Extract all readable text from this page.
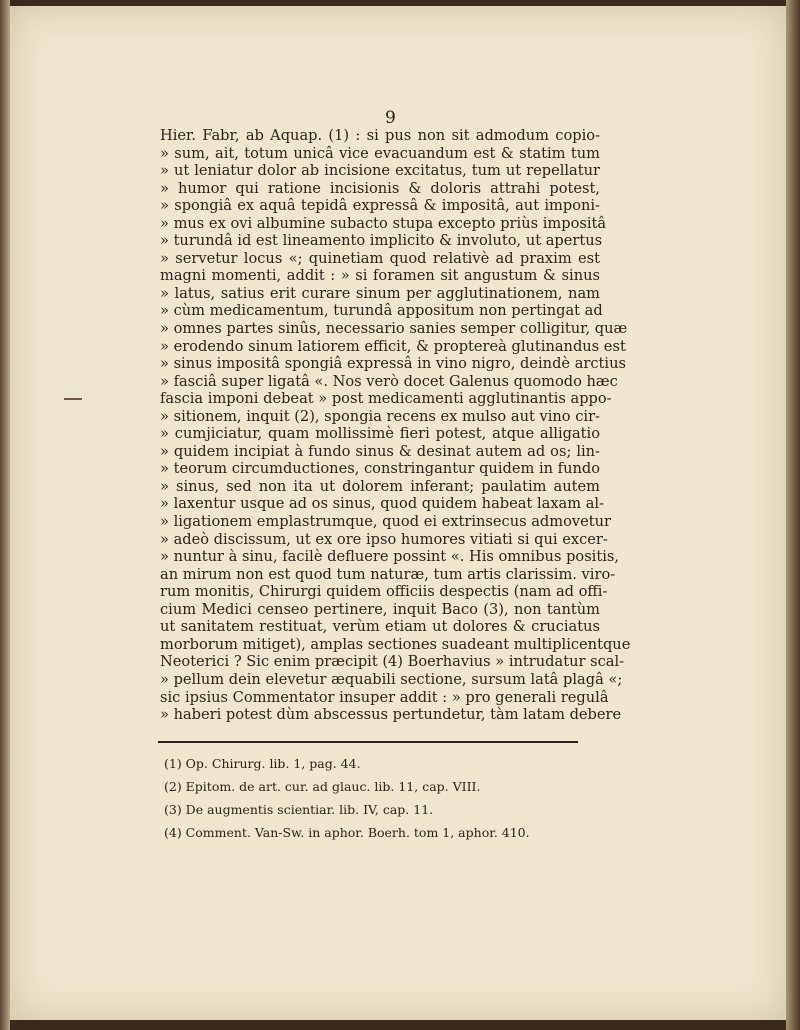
9
Hier. Fabr, ab Aquap. (1) : si pus non sit admodum copio-
» sum, ait, totum unicâ vice evacuandum est & statim tum
» ut leniatur dolor ab incisione excitatus, tum ut repellatur
» humor qui ratione incisionis & doloris attrahi potest,
» spongiâ ex aquâ tepidâ expressâ & impositâ, aut imponi-
» mus ex ovi albumine subacto stupa excepto priùs impositâ
» turundâ id est lineamento implicito & involuto, ut apertus
» servetur locus «; quinetiam quod relativè ad praxim est
magni momenti, addit : » si foramen sit angustum & sinus
» latus, satius erit curare sinum per agglutinationem, nam
» cùm medicamentum, turundâ appositum non pertingat ad
» omnes partes sinûs, necessario sanies semper colligitur, quæ
» erodendo sinum latiorem efficit, & proptereà glutinandus est
» sinus impositâ spongiâ expressâ in vino nigro, deindè arctius
» fasciâ super ligatâ «. Nos verò docet Galenus quomodo hæc
fascia imponi debeat » post medicamenti agglutinantis appo-
» sitionem, inquit (2), spongia recens ex mulso aut vino cir-
» cumjiciatur, quam mollissimè fieri potest, atque alligatio
» quidem incipiat à fundo sinus & desinat autem ad os; lin-
» teorum circumductiones, constringantur quidem in fundo
» sinus, sed non ita ut dolorem inferant; paulatim autem
» laxentur usque ad os sinus, quod quidem habeat laxam al-
» ligationem emplastrumque, quod ei extrinsecus admovetur
» adeò discissum, ut ex ore ipso humores vitiati si qui excer-
» nuntur à sinu, facilè defluere possint «. His omnibus positis,
an mirum non est quod tum naturæ, tum artis clarissim. viro-
rum monitis, Chirurgi quidem officiis despectis (nam ad offi-
cium Medici censeo pertinere, inquit Baco (3), non tantùm
ut sanitatem restituat, verùm etiam ut dolores & cruciatus
morborum mitiget), amplas sectiones suadeant multiplicentque
Neoterici ? Sic enim præcipit (4) Boerhavius » intrudatur scal-
» pellum dein elevetur æquabili sectione, sursum latâ plagâ «;
sic ipsius Commentator insuper addit : » pro generali regulâ
» haberi potest dùm abscessus pertundetur, tàm latam debere
(1) Op. Chirurg. lib. 1, pag. 44.
(2) Epitom. de art. cur. ad glauc. lib. 11, cap. VIII.
(3) De augmentis scientiar. lib. IV, cap. 11.
(4) Comment. Van-Sw. in aphor. Boerh. tom 1, aphor. 410.
